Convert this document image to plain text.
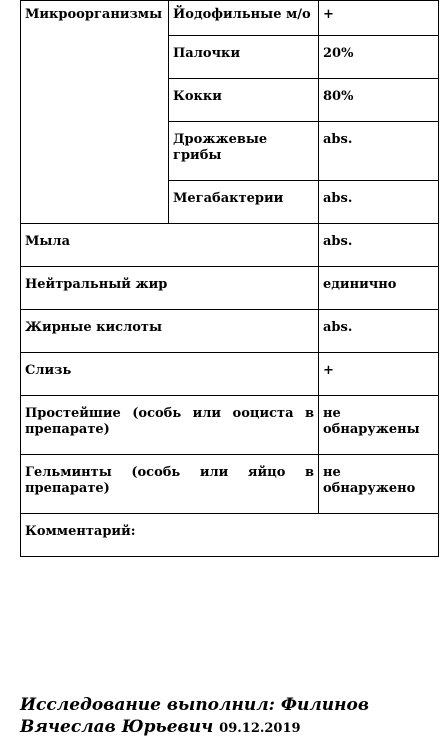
Микроорганизмы	Йодофильные м/о	+
	Палочки	20%
	Кокки	80%
	Дрожжевые грибы	abs.
	Мегабактерии	abs.
Мыла		abs.
Нейтральный жир		единично
Жирные кислоты		abs.
Слизь		+
Простейшие (особь или ооциста в препарате)		не обнаружены
Гельминты (особь или яйцо в препарате)		не обнаружено
Комментарий:		
Исследование выполнил: Филинов Вячеслав Юрьевич 09.12.2019
